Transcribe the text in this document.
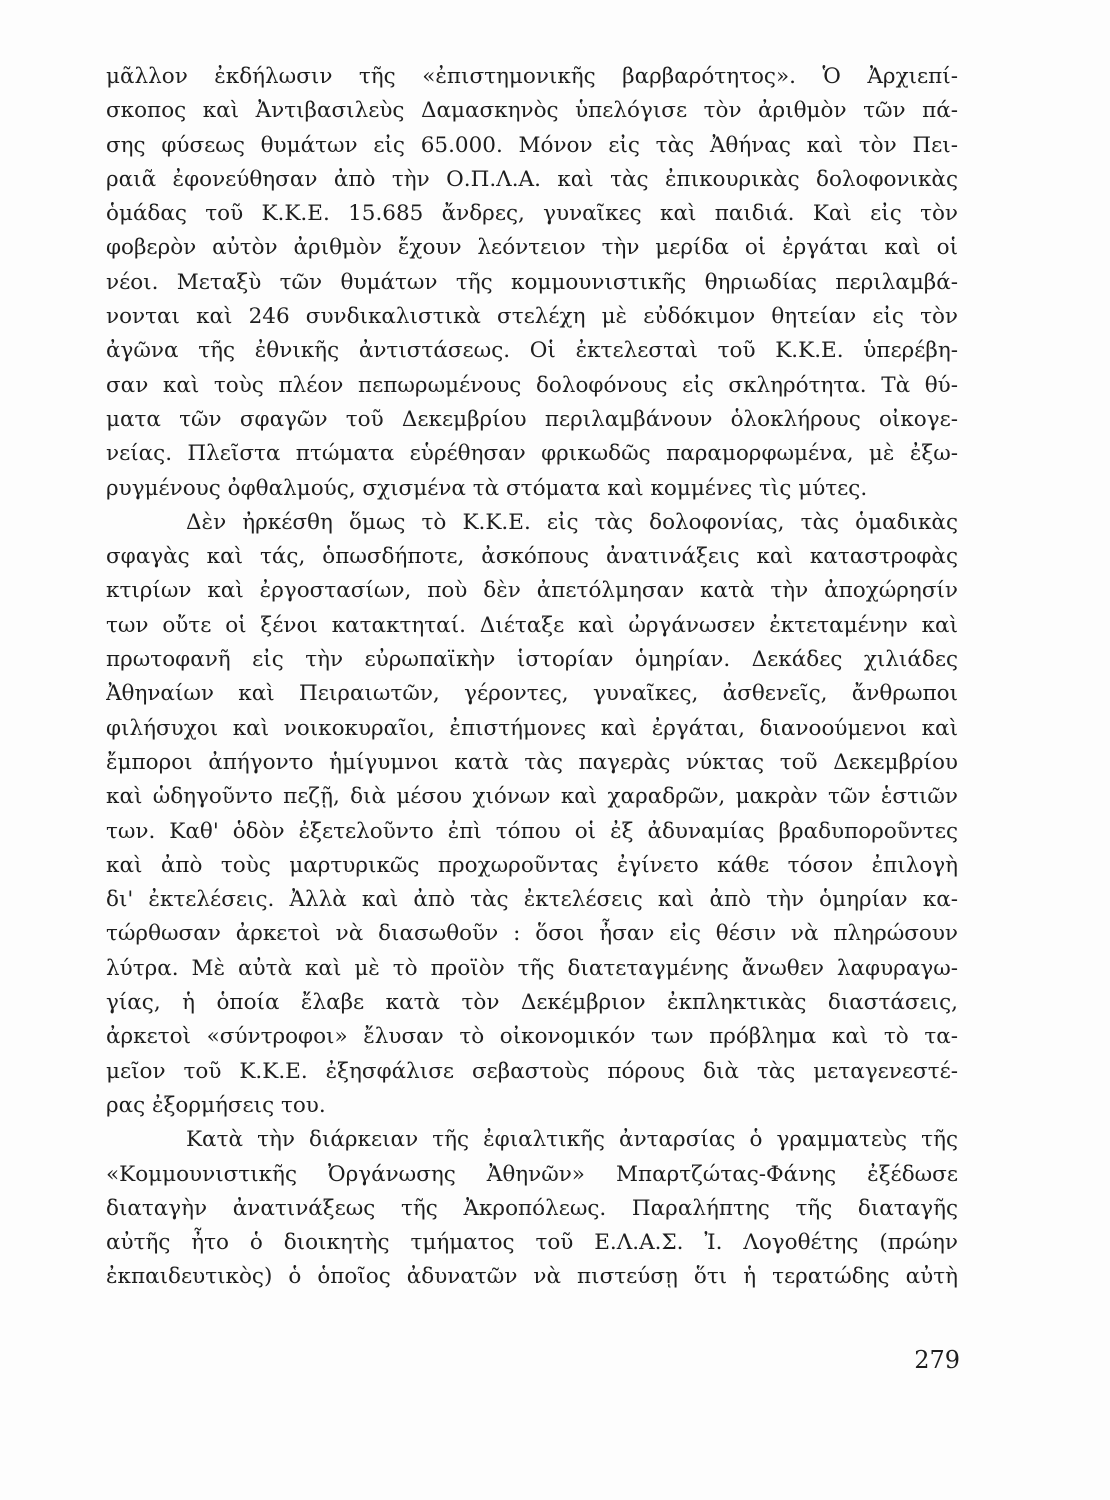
μᾶλλον ἐκδήλωσιν τῆς «ἐπιστημονικῆς βαρβαρότητος». Ὁ Ἀρχιεπί-
σκοπος καὶ Ἀντιβασιλεὺς Δαμασκηνὸς ὑπελόγισε τὸν ἀριθμὸν τῶν πά-
σης φύσεως θυμάτων εἰς 65.000. Μόνον εἰς τὰς Ἀθήνας καὶ τὸν Πει-
ραιᾶ ἐφονεύθησαν ἀπὸ τὴν Ο.Π.Λ.Α. καὶ τὰς ἐπικουρικὰς δολοφονικὰς
ὁμάδας τοῦ Κ.Κ.Ε. 15.685 ἄνδρες, γυναῖκες καὶ παιδιά. Καὶ εἰς τὸν
φοβερὸν αὐτὸν ἀριθμὸν ἔχουν λεόντειον τὴν μερίδα οἱ ἐργάται καὶ οἱ
νέοι. Μεταξὺ τῶν θυμάτων τῆς κομμουνιστικῆς θηριωδίας περιλαμβά-
νονται καὶ 246 συνδικαλιστικὰ στελέχη μὲ εὐδόκιμον θητείαν εἰς τὸν
ἀγῶνα τῆς ἐθνικῆς ἀντιστάσεως. Οἱ ἐκτελεσταὶ τοῦ Κ.Κ.Ε. ὑπερέβη-
σαν καὶ τοὺς πλέον πεπωρωμένους δολοφόνους εἰς σκληρότητα. Τὰ θύ-
ματα τῶν σφαγῶν τοῦ Δεκεμβρίου περιλαμβάνουν ὁλοκλήρους οἰκογε-
νείας. Πλεῖστα πτώματα εὑρέθησαν φρικωδῶς παραμορφωμένα, μὲ ἐξω-
ρυγμένους ὀφθαλμούς, σχισμένα τὰ στόματα καὶ κομμένες τὶς μύτες.
Δὲν ἠρκέσθη ὅμως τὸ Κ.Κ.Ε. εἰς τὰς δολοφονίας, τὰς ὁμαδικὰς
σφαγὰς καὶ τάς, ὁπωσδήποτε, ἀσκόπους ἀνατινάξεις καὶ καταστροφὰς
κτιρίων καὶ ἐργοστασίων, ποὺ δὲν ἀπετόλμησαν κατὰ τὴν ἀποχώρησίν
των οὔτε οἱ ξένοι κατακτηταί. Διέταξε καὶ ὠργάνωσεν ἐκτεταμένην καὶ
πρωτοφανῆ εἰς τὴν εὐρωπαϊκὴν ἱστορίαν ὁμηρίαν. Δεκάδες χιλιάδες
Ἀθηναίων καὶ Πειραιωτῶν, γέροντες, γυναῖκες, ἀσθενεῖς, ἄνθρωποι
φιλήσυχοι καὶ νοικοκυραῖοι, ἐπιστήμονες καὶ ἐργάται, διανοούμενοι καὶ
ἔμποροι ἀπήγοντο ἡμίγυμνοι κατὰ τὰς παγερὰς νύκτας τοῦ Δεκεμβρίου
καὶ ὡδηγοῦντο πεζῇ, διὰ μέσου χιόνων καὶ χαραδρῶν, μακρὰν τῶν ἑστιῶν
των. Καθ' ὁδὸν ἐξετελοῦντο ἐπὶ τόπου οἱ ἐξ ἀδυναμίας βραδυποροῦντες
καὶ ἀπὸ τοὺς μαρτυρικῶς προχωροῦντας ἐγίνετο κάθε τόσον ἐπιλογὴ
δι' ἐκτελέσεις. Ἀλλὰ καὶ ἀπὸ τὰς ἐκτελέσεις καὶ ἀπὸ τὴν ὁμηρίαν κα-
τώρθωσαν ἀρκετοὶ νὰ διασωθοῦν : ὅσοι ἦσαν εἰς θέσιν νὰ πληρώσουν
λύτρα. Μὲ αὐτὰ καὶ μὲ τὸ προϊὸν τῆς διατεταγμένης ἄνωθεν λαφυραγω-
γίας, ἡ ὁποία ἔλαβε κατὰ τὸν Δεκέμβριον ἐκπληκτικὰς διαστάσεις,
ἀρκετοὶ «σύντροφοι» ἔλυσαν τὸ οἰκονομικόν των πρόβλημα καὶ τὸ τα-
μεῖον τοῦ Κ.Κ.Ε. ἐξησφάλισε σεβαστοὺς πόρους διὰ τὰς μεταγενεστέ-
ρας ἐξορμήσεις του.
Κατὰ τὴν διάρκειαν τῆς ἐφιαλτικῆς ἀνταρσίας ὁ γραμματεὺς τῆς
«Κομμουνιστικῆς Ὀργάνωσης Ἀθηνῶν» Μπαρτζώτας-Φάνης ἐξέδωσε
διαταγὴν ἀνατινάξεως τῆς Ἀκροπόλεως. Παραλήπτης τῆς διαταγῆς
αὐτῆς ἦτο ὁ διοικητὴς τμήματος τοῦ Ε.Λ.Α.Σ. Ἰ. Λογοθέτης (πρώην
ἐκπαιδευτικὸς) ὁ ὁποῖος ἀδυνατῶν νὰ πιστεύσῃ ὅτι ἡ τερατώδης αὐτὴ
279
